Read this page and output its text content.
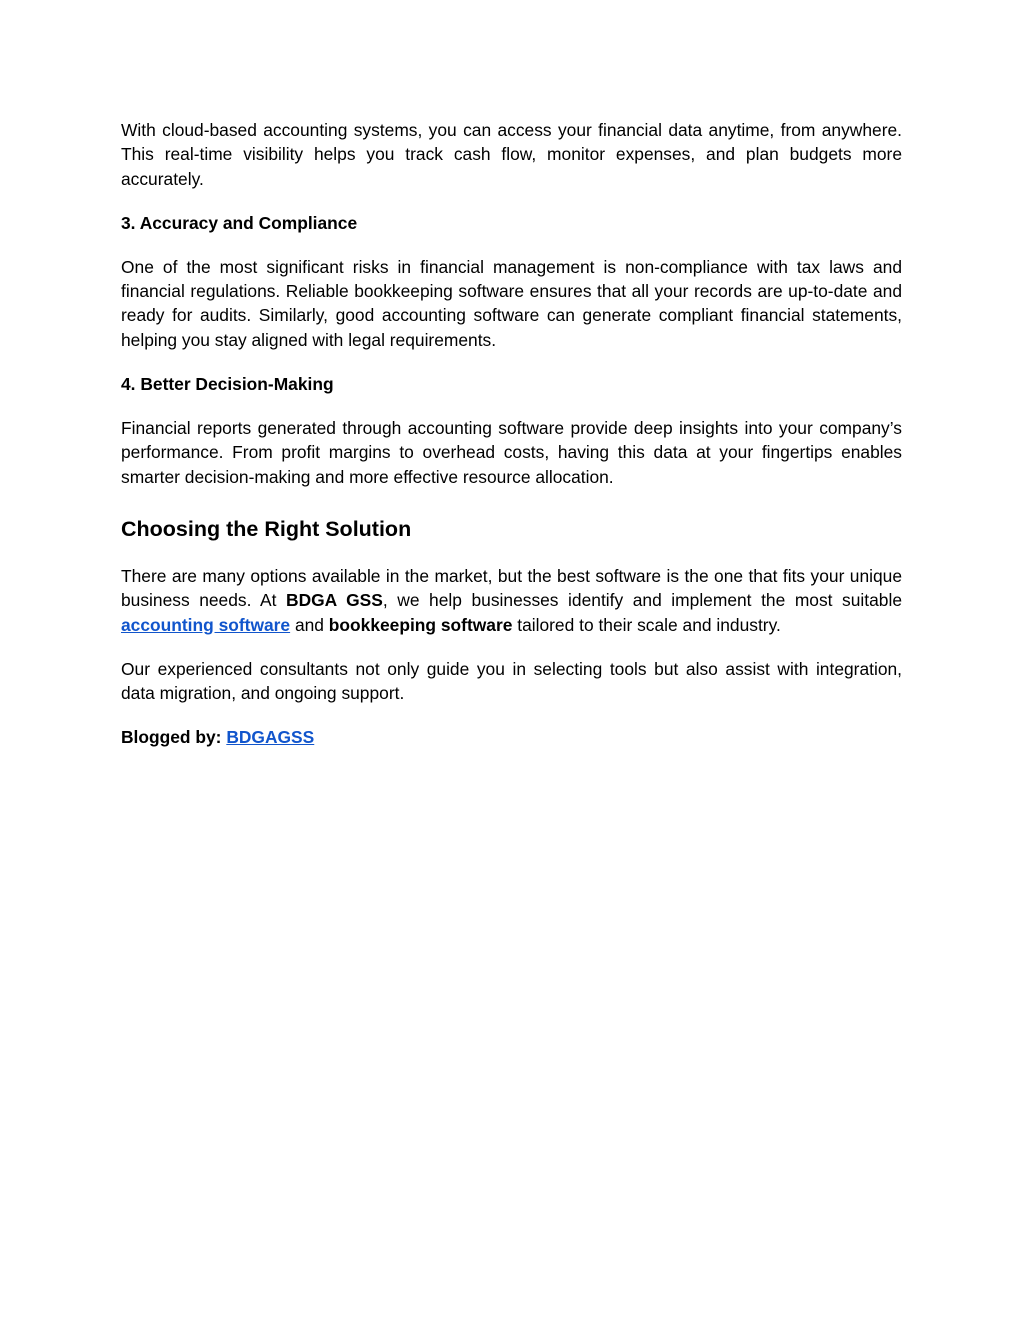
With cloud-based accounting systems, you can access your financial data anytime, from anywhere. This real-time visibility helps you track cash flow, monitor expenses, and plan budgets more accurately.

3. Accuracy and Compliance

One of the most significant risks in financial management is non-compliance with tax laws and financial regulations. Reliable bookkeeping software ensures that all your records are up-to-date and ready for audits. Similarly, good accounting software can generate compliant financial statements, helping you stay aligned with legal requirements.

4. Better Decision-Making

Financial reports generated through accounting software provide deep insights into your company’s performance. From profit margins to overhead costs, having this data at your fingertips enables smarter decision-making and more effective resource allocation.

Choosing the Right Solution

There are many options available in the market, but the best software is the one that fits your unique business needs. At BDGA GSS, we help businesses identify and implement the most suitable accounting software and bookkeeping software tailored to their scale and industry.

Our experienced consultants not only guide you in selecting tools but also assist with integration, data migration, and ongoing support.

Blogged by: BDGAGSS
